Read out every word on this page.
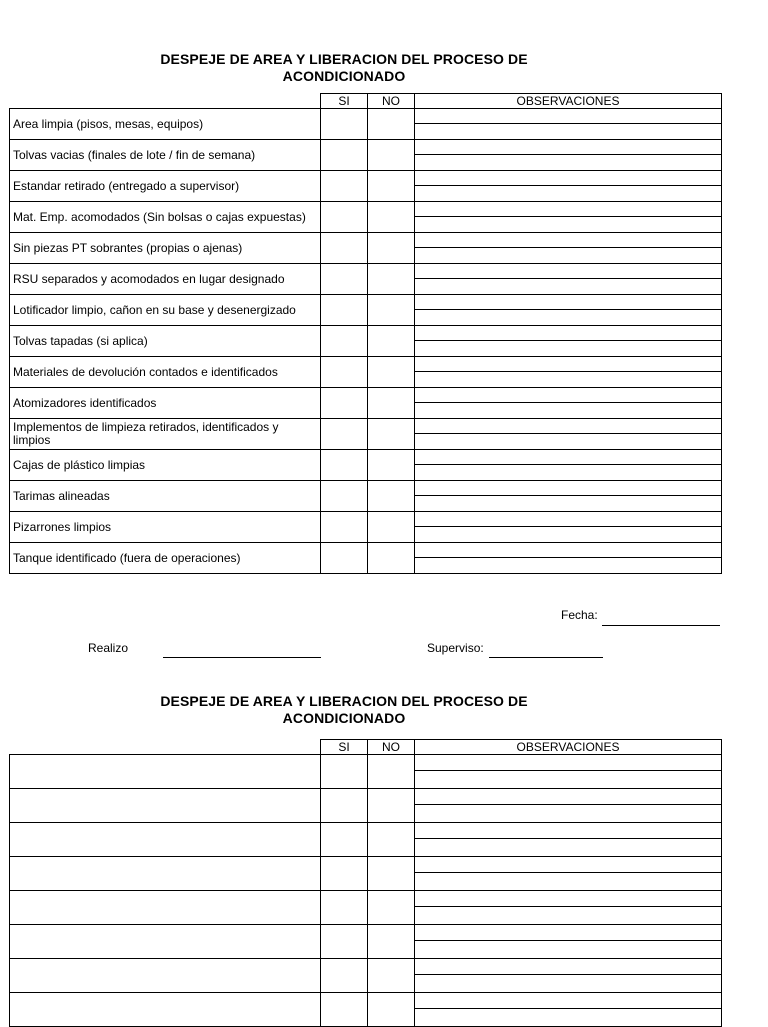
DESPEJE DE AREA Y LIBERACION DEL PROCESO DE
ACONDICIONADO
	SI	NO	OBSERVACIONES
Area limpia (pisos, mesas, equipos)			

Tolvas vacias (finales de lote / fin de semana)			

Estandar retirado (entregado a supervisor)			

Mat. Emp. acomodados (Sin bolsas o cajas expuestas)			

Sin piezas PT sobrantes (propias o ajenas)			

RSU separados y acomodados en lugar designado			

Lotificador limpio, cañon en su base y desenergizado			

Tolvas tapadas (si aplica)			

Materiales de devolución contados e identificados			

Atomizadores identificados			

Implementos de limpieza retirados, identificados y limpios			

Cajas de plástico limpias			

Tarimas alineadas			

Pizarrones limpios			

Tanque identificado (fuera de operaciones)			
Fecha:
Realizo	Superviso:
DESPEJE DE AREA Y LIBERACION DEL PROCESO DE
ACONDICIONADO
	SI	NO	OBSERVACIONES
